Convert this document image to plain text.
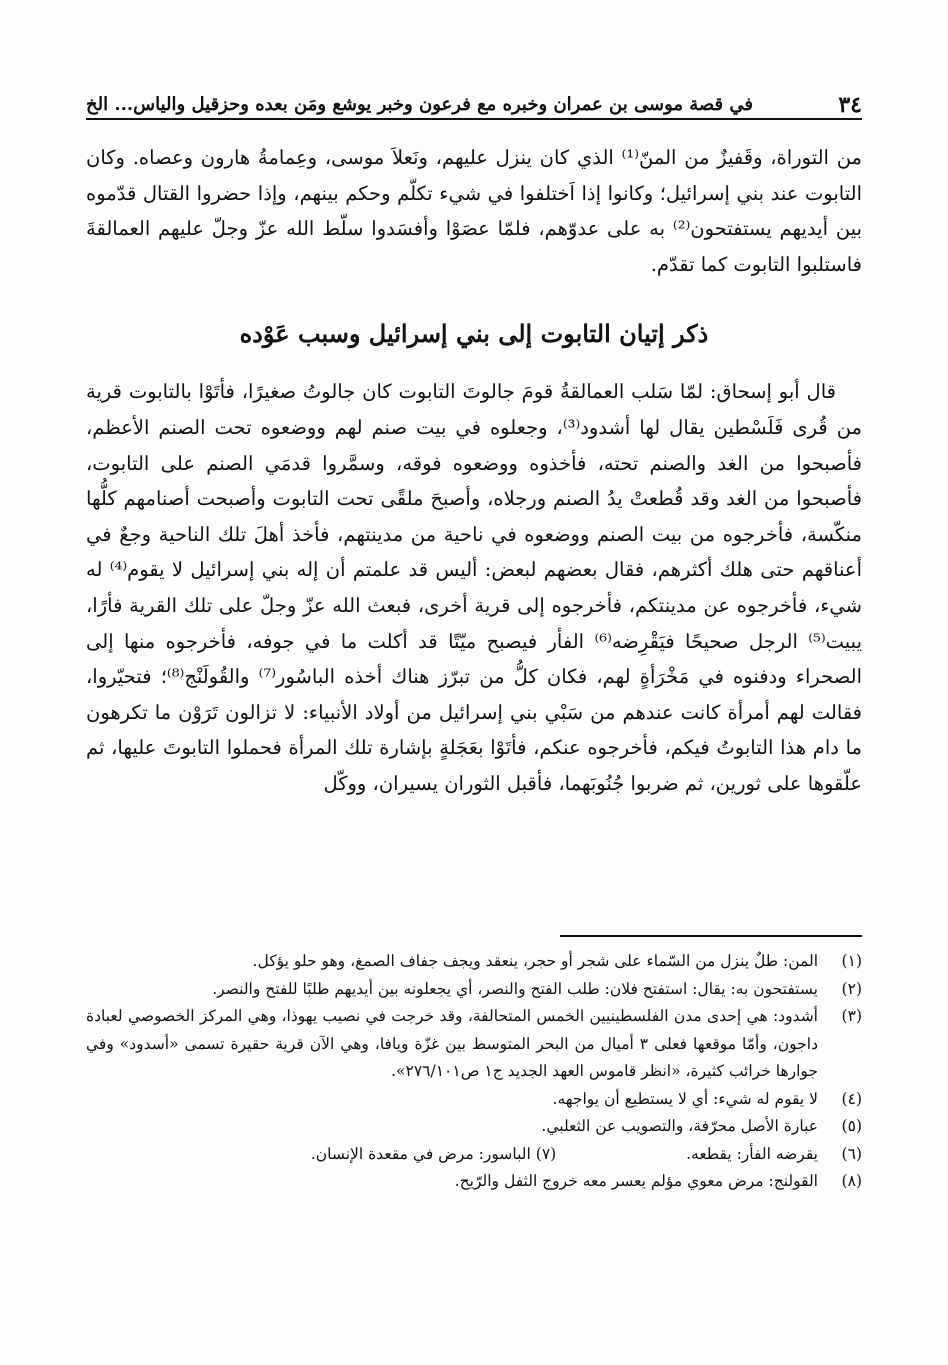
٣٤
في قصة موسى بن عمران وخبره مع فرعون وخبر يوشع ومَن بعده وحزقيل والياس... الخ

من التوراة، وقَفيزٌ من المنّ⁽¹⁾ الذي كان ينزل عليهم، ونَعلاَ موسى، وعِمامةُ هارون وعصاه. وكان التابوت عند بني إسرائيل؛ وكانوا إذا اَختلفوا في شيء تكلّم وحكم بينهم، وإذا حضروا القتال قدّموه بين أيديهم يستفتحون⁽²⁾ به على عدوّهم، فلمّا عصَوْا وأفسَدوا سلّط الله عزّ وجلّ عليهم العمالقةَ فاستلبوا التابوت كما تقدّم.

ذكر إتيان التابوت إلى بني إسرائيل وسبب عَوْده

قال أبو إسحاق: لمّا سَلب العمالقةُ قومَ جالوتَ التابوت كان جالوتُ صغيرًا، فأتَوْا بالتابوت قرية من قُرى فَلَسْطين يقال لها أشدود⁽³⁾، وجعلوه في بيت صنم لهم ووضعوه تحت الصنم الأعظم، فأصبحوا من الغد والصنم تحته، فأخذوه ووضعوه فوقه، وسمَّروا قدمَي الصنم على التابوت، فأصبحوا من الغد وقد قُطعتْ يدُ الصنم ورجلاه، وأصبحَ ملقًى تحت التابوت وأصبحت أصنامهم كلُّها منكّسة، فأخرجوه من بيت الصنم ووضعوه في ناحية من مدينتهم، فأخذ أهلَ تلك الناحية وجعٌ في أعناقهم حتى هلك أكثرهم، فقال بعضهم لبعض: أليس قد علمتم أن إله بني إسرائيل لا يقوم⁽⁴⁾ له شيء، فأخرجوه عن مدينتكم، فأخرجوه إلى قرية أخرى، فبعث الله عزّ وجلّ على تلك القرية فأرًا، يبيت⁽⁵⁾ الرجل صحيحًا فيَقْرِضه⁽⁶⁾ الفأر فيصبح ميّتًا قد أكلت ما في جوفه، فأخرجوه منها إلى الصحراء ودفنوه في مَخْرَأةٍ لهم، فكان كلُّ من تبرّز هناك أخذه الباسُور⁽⁷⁾ والقُولَنْج⁽⁸⁾؛ فتحيّروا، فقالت لهم أمرأة كانت عندهم من سَبْي بني إسرائيل من أولاد الأنبياء: لا تزالون تَرَوْن ما تكرهون ما دام هذا التابوتُ فيكم، فأخرجوه عنكم، فأتَوْا بعَجَلةٍ بإشارة تلك المرأة فحملوا التابوتَ عليها، ثم علّقوها على ثورين، ثم ضربوا جُنُوبَهما، فأقبل الثوران يسيران، ووكّل

(١)
المن: طلٌ ينزل من السّماء على شجر أو حجر، ينعقد ويجف جفاف الصمغ، وهو حلو يؤكل.
(٢)
يستفتحون به: يقال: استفتح فلان: طلب الفتح والنصر، أي يجعلونه بين أيديهم طلبًا للفتح والنصر.
(٣)
أشدود: هي إحدى مدن الفلسطينيين الخمس المتحالفة، وقد خرجت في نصيب يهوذا، وهي المركز الخصوصي لعبادة داجون، وأمّا موقعها فعلى ٣ أميال من البحر المتوسط بين غزّة ويافا، وهي الآن قرية حقيرة تسمى «أسدود» وفي جوارها خرائب كثيرة، «انظر قاموس العهد الجديد ج١ ص٢٧٦/١٠١».
(٤)
لا يقوم له شيء: أي لا يستطيع أن يواجهه.
(٥)
عبارة الأصل محرّفة، والتصويب عن الثعلبي.
(٦)
يقرضه الفأر: يقطعه.  (٧) الباسور: مرض في مقعدة الإنسان.
(٨)
القولنج: مرض معوي مؤلم يعسر معه خروج الثفل والرّيح.
